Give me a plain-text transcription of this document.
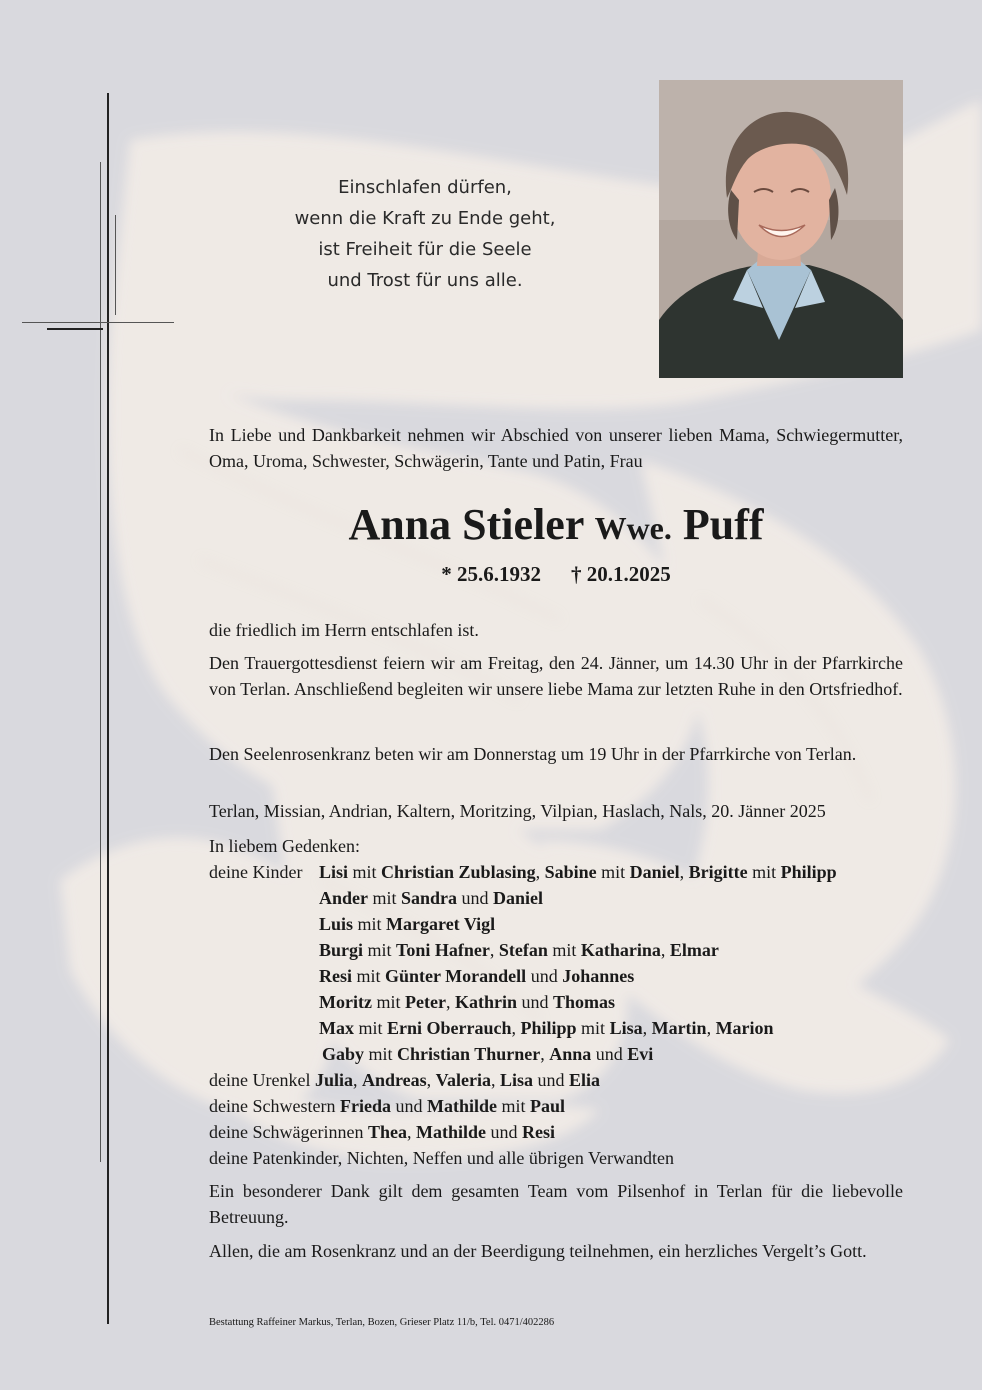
Einschlafen dürfen,
wenn die Kraft zu Ende geht,
ist Freiheit für die Seele
und Trost für uns alle.
In Liebe und Dankbarkeit nehmen wir Abschied von unserer lieben Mama, Schwiegermutter, Oma, Uroma, Schwester, Schwägerin, Tante und Patin, Frau
Anna Stieler Wwe. Puff
* 25.6.1932 † 20.1.2025
die friedlich im Herrn entschlafen ist.
Den Trauergottesdienst feiern wir am Freitag, den 24. Jänner, um 14.30 Uhr in der Pfarrkirche von Terlan. Anschließend begleiten wir unsere liebe Mama zur letzten Ruhe in den Ortsfriedhof.
Den Seelenrosenkranz beten wir am Donnerstag um 19 Uhr in der Pfarrkirche von Terlan.
Terlan, Missian, Andrian, Kaltern, Moritzing, Vilpian, Haslach, Nals, 20. Jänner 2025
In liebem Gedenken:
deine Kinder Lisi mit Christian Zublasing, Sabine mit Daniel, Brigitte mit Philipp
Ander mit Sandra und Daniel
Luis mit Margaret Vigl
Burgi mit Toni Hafner, Stefan mit Katharina, Elmar
Resi mit Günter Morandell und Johannes
Moritz mit Peter, Kathrin und Thomas
Max mit Erni Oberrauch, Philipp mit Lisa, Martin, Marion
Gaby mit Christian Thurner, Anna und Evi
deine Urenkel Julia, Andreas, Valeria, Lisa und Elia
deine Schwestern Frieda und Mathilde mit Paul
deine Schwägerinnen Thea, Mathilde und Resi
deine Patenkinder, Nichten, Neffen und alle übrigen Verwandten
Ein besonderer Dank gilt dem gesamten Team vom Pilsenhof in Terlan für die liebevolle Betreuung.
Allen, die am Rosenkranz und an der Beerdigung teilnehmen, ein herzliches Vergelt’s Gott.
Bestattung Raffeiner Markus, Terlan, Bozen, Grieser Platz 11/b, Tel. 0471/402286
